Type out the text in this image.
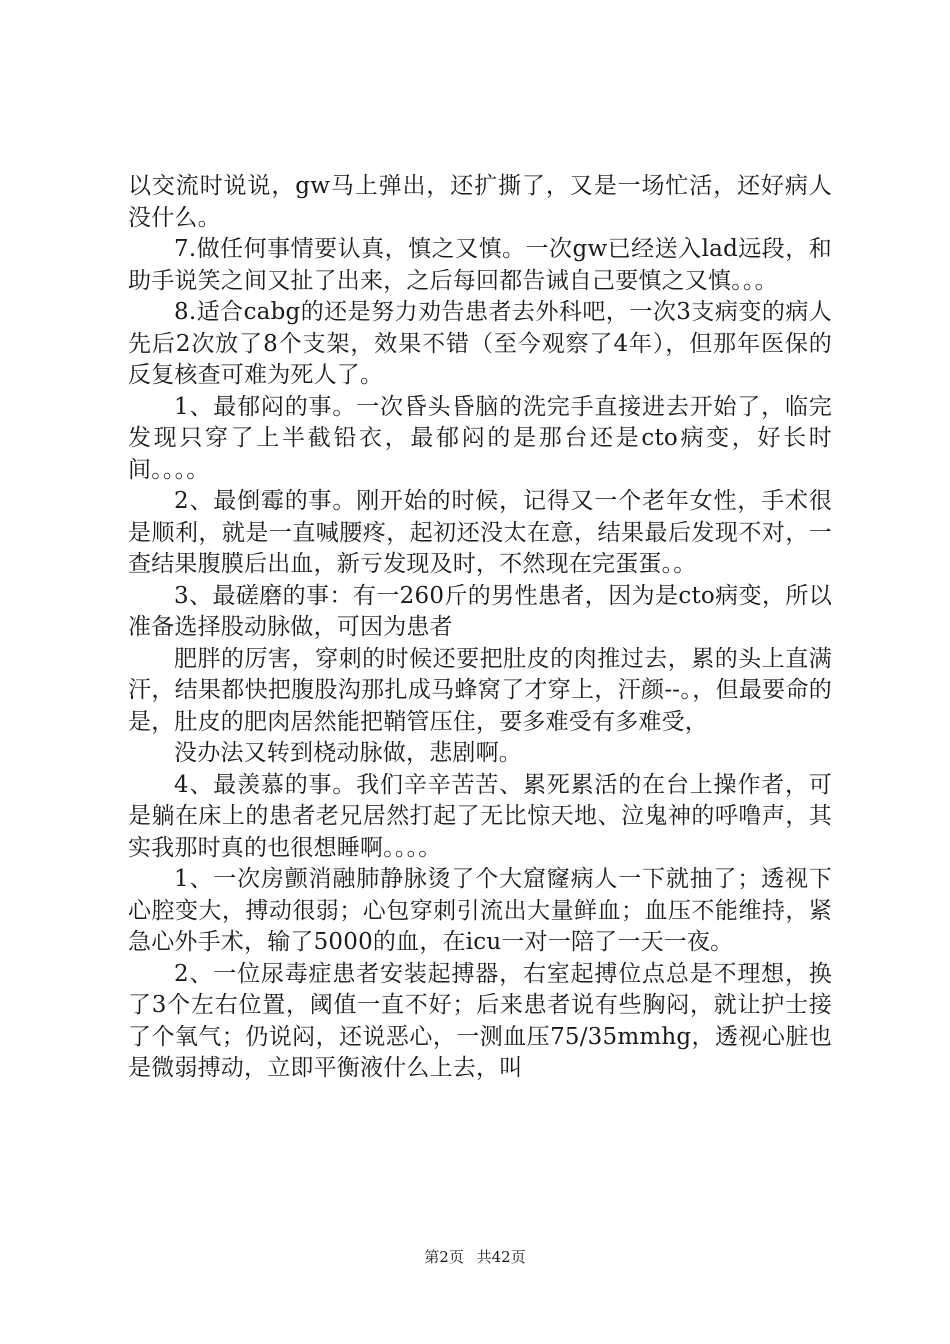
以交流时说说，gw马上弹出，还扩撕了，又是一场忙活，还好病人没什么。

7.做任何事情要认真，慎之又慎。一次gw已经送入lad远段，和助手说笑之间又扯了出来，之后每回都告诫自己要慎之又慎。。。

8.适合cabg的还是努力劝告患者去外科吧，一次3支病变的病人先后2次放了8个支架，效果不错（至今观察了4年），但那年医保的反复核查可难为死人了。

1、最郁闷的事。一次昏头昏脑的洗完手直接进去开始了，临完发现只穿了上半截铅衣，最郁闷的是那台还是cto病变，好长时间。。。。

2、最倒霉的事。刚开始的时候，记得又一个老年女性，手术很是顺利，就是一直喊腰疼，起初还没太在意，结果最后发现不对，一查结果腹膜后出血，新亏发现及时，不然现在完蛋蛋。。

3、最磋磨的事：有一260斤的男性患者，因为是cto病变，所以准备选择股动脉做，可因为患者

肥胖的厉害，穿刺的时候还要把肚皮的肉推过去，累的头上直满汗，结果都快把腹股沟那扎成马蜂窝了才穿上，汗颜--。，但最要命的是，肚皮的肥肉居然能把鞘管压住，要多难受有多难受，

没办法又转到桡动脉做，悲剧啊。

4、最羡慕的事。我们辛辛苦苦、累死累活的在台上操作者，可是躺在床上的患者老兄居然打起了无比惊天地、泣鬼神的呼噜声，其实我那时真的也很想睡啊。。。。

1、一次房颤消融肺静脉烫了个大窟窿病人一下就抽了；透视下心腔变大，搏动很弱；心包穿刺引流出大量鲜血；血压不能维持，紧急心外手术，输了5000的血，在icu一对一陪了一天一夜。

2、一位尿毒症患者安装起搏器，右室起搏位点总是不理想，换了3个左右位置，阈值一直不好；后来患者说有些胸闷，就让护士接了个氧气；仍说闷，还说恶心，一测血压75/35mmhg，透视心脏也是微弱搏动，立即平衡液什么上去，叫

第2页 共42页
